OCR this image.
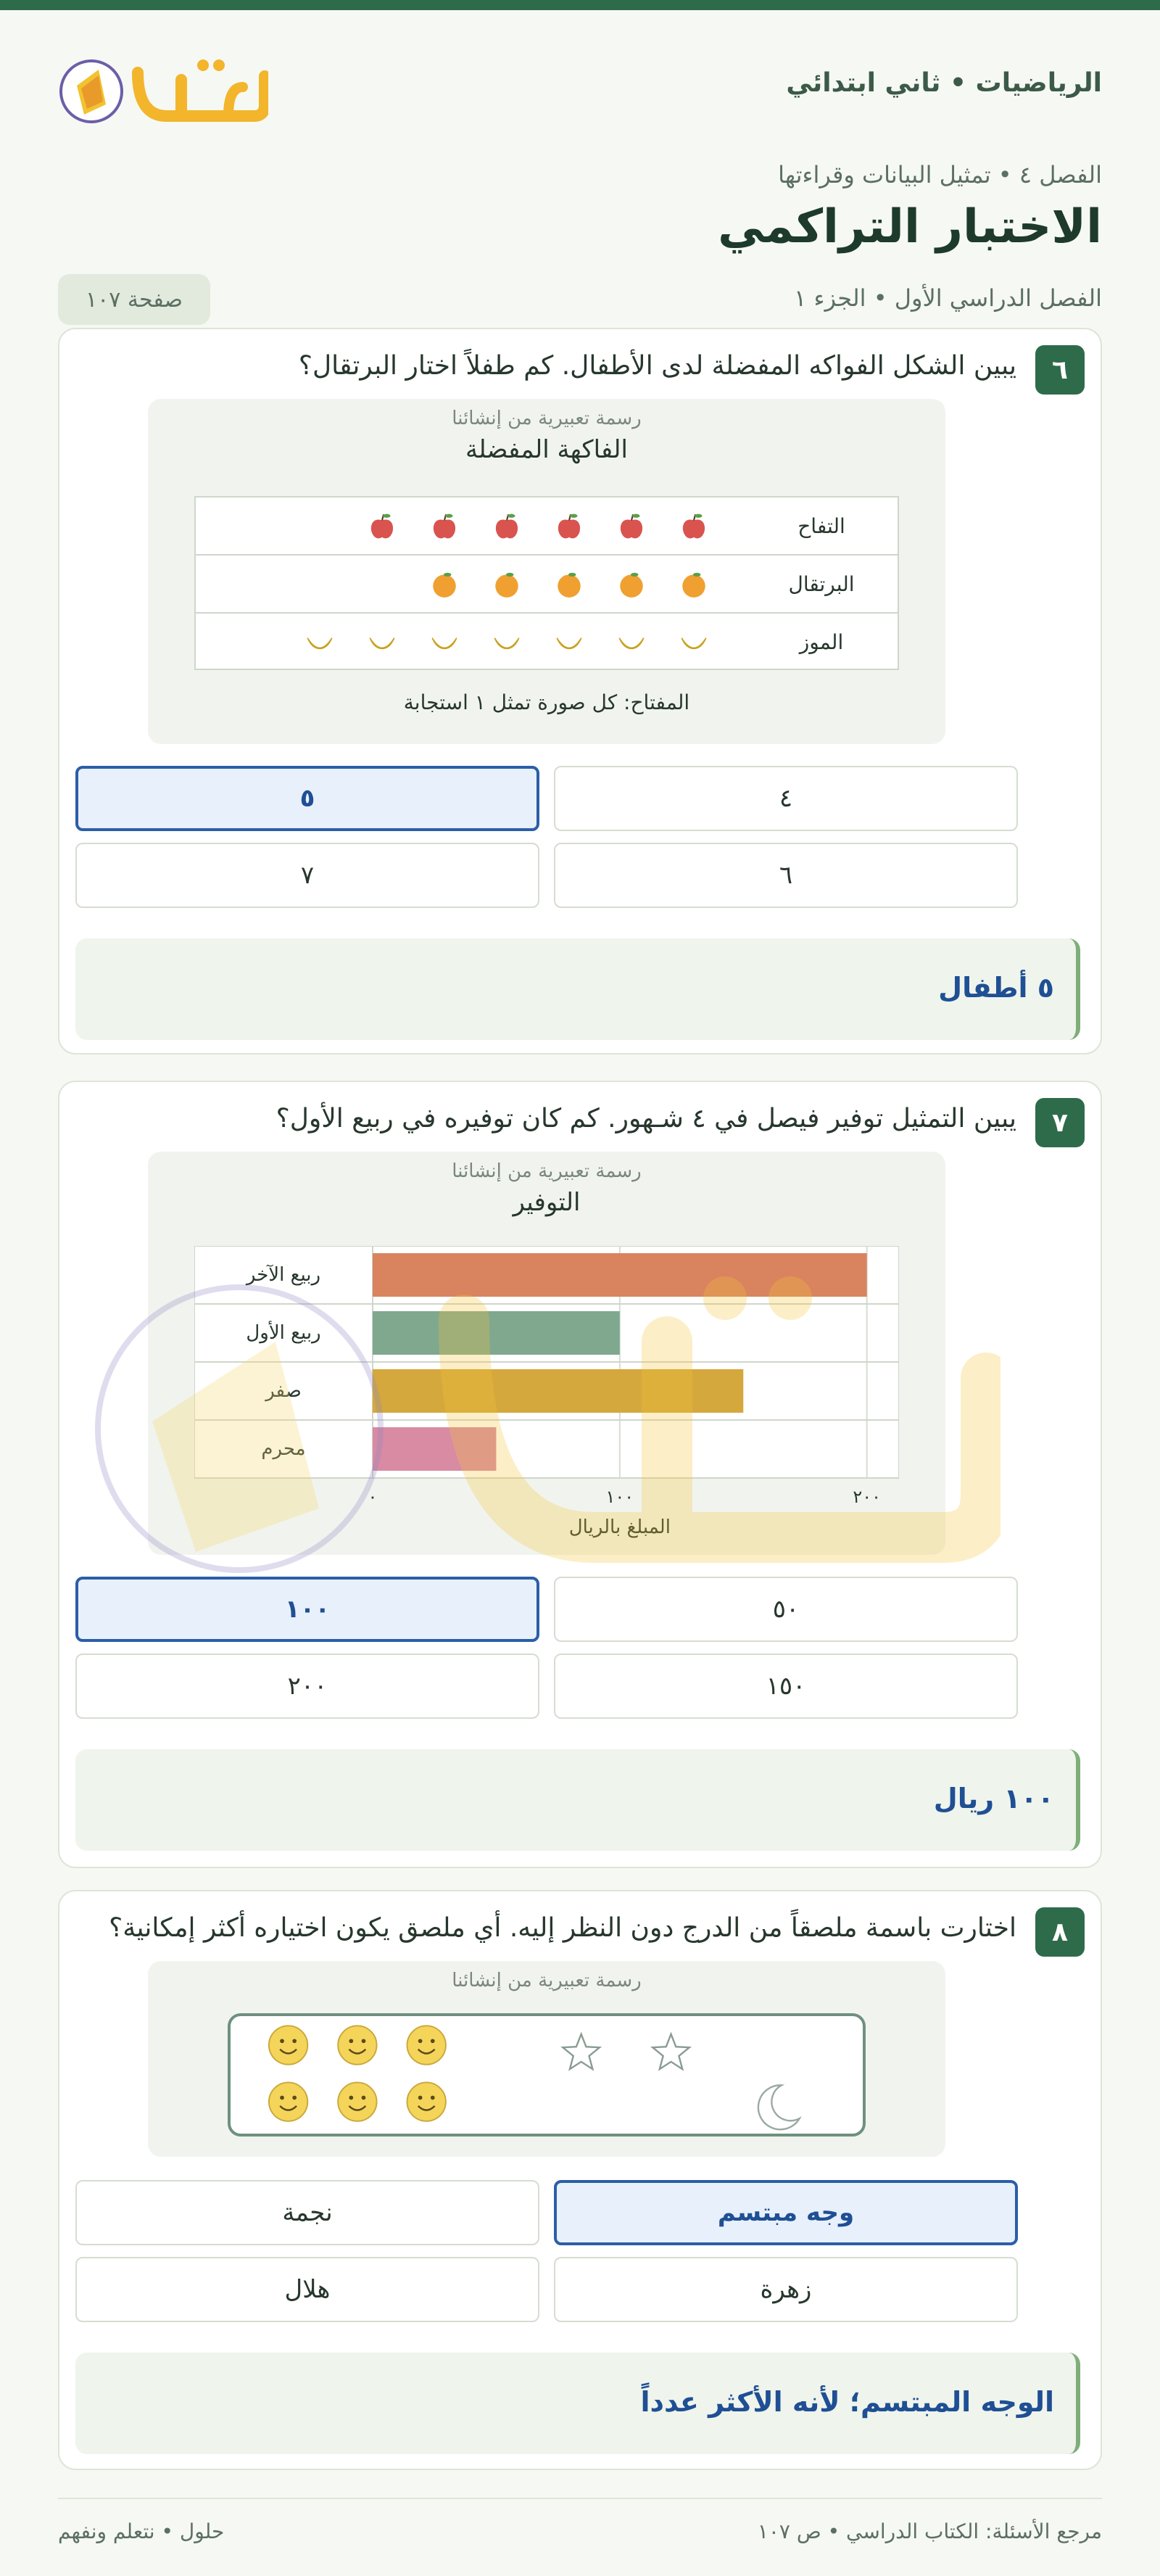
الرياضيات • ثاني ابتدائي
الفصل ٤ • تمثيل البيانات وقراءتها
الاختبار التراكمي
الفصل الدراسي الأول • الجزء ١
صفحة ١٠٧
٦
يبين الشكل الفواكه المفضلة لدى الأطفال. كم طفلاً اختار البرتقال؟
رسمة تعبيرية من إنشائنا
الفاكهة المفضلة
التفاح
البرتقال
الموز
المفتاح: كل صورة تمثل ١ استجابة
٤
٥
٦
٧
٥ أطفال
٧
يبين التمثيل توفير فيصل في ٤ شـهور. كم كان توفيره في ربيع الأول؟
رسمة تعبيرية من إنشائنا
التوفير
٠	١٠٠	٢٠٠
ربيع الآخر
ربيع الأول
صفر
محرم
المبلغ بالريال
٥٠
١٠٠
١٥٠
٢٠٠
١٠٠ ريال
٨
اختارت باسمة ملصقاً من الدرج دون النظر إليه. أي ملصق يكون اختياره أكثر إمكانية؟
رسمة تعبيرية من إنشائنا
وجه مبتسم
نجمة
زهرة
هلال
الوجه المبتسم؛ لأنه الأكثر عدداً
مرجع الأسئلة: الكتاب الدراسي • ص ١٠٧
حلول • نتعلم ونفهم
